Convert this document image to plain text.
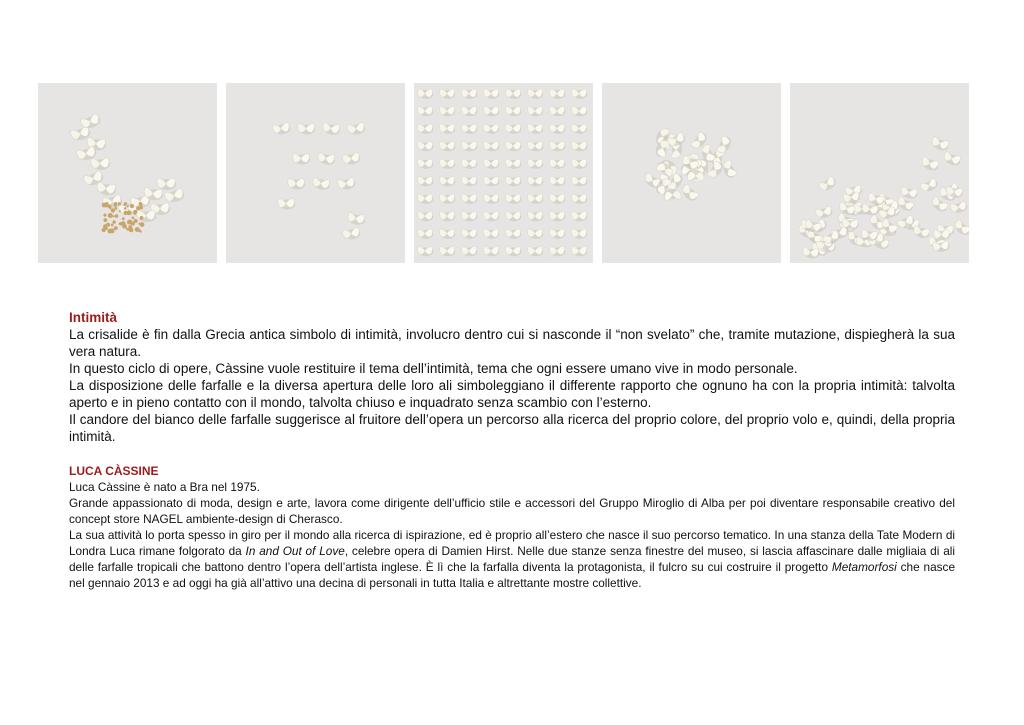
Intimità

La crisalide è fin dalla Grecia antica simbolo di intimità, involucro dentro cui si nasconde il “non svelato” che, tramite mutazione, dispiegherà la sua vera natura.

In questo ciclo di opere, Càssine vuole restituire il tema dell’intimità, tema che ogni essere umano vive in modo personale.

La disposizione delle farfalle e la diversa apertura delle loro ali simboleggiano il differente rapporto che ognuno ha con la propria intimità: talvolta aperto e in pieno contatto con il mondo, talvolta chiuso e inquadrato senza scambio con l’esterno.

Il candore del bianco delle farfalle suggerisce al fruitore dell’opera un percorso alla ricerca del proprio colore, del proprio volo e, quindi, della propria intimità.

LUCA CÀSSINE

Luca Càssine è nato a Bra nel 1975.

Grande appassionato di moda, design e arte, lavora come dirigente dell’ufficio stile e accessori del Gruppo Miroglio di Alba per poi diventare responsabile creativo del concept store NAGEL ambiente-design di Cherasco.

La sua attività lo porta spesso in giro per il mondo alla ricerca di ispirazione, ed è proprio all’estero che nasce il suo percorso tematico. In una stanza della Tate Modern di Londra Luca rimane folgorato da In and Out of Love, celebre opera di Damien Hirst. Nelle due stanze senza finestre del museo, si lascia affascinare dalle migliaia di ali delle farfalle tropicali che battono dentro l’opera dell’artista inglese. È lì che la farfalla diventa la protagonista, il fulcro su cui costruire il progetto Metamorfosi che nasce nel gennaio 2013 e ad oggi ha già all’attivo una decina di personali in tutta Italia e altrettante mostre collettive.
